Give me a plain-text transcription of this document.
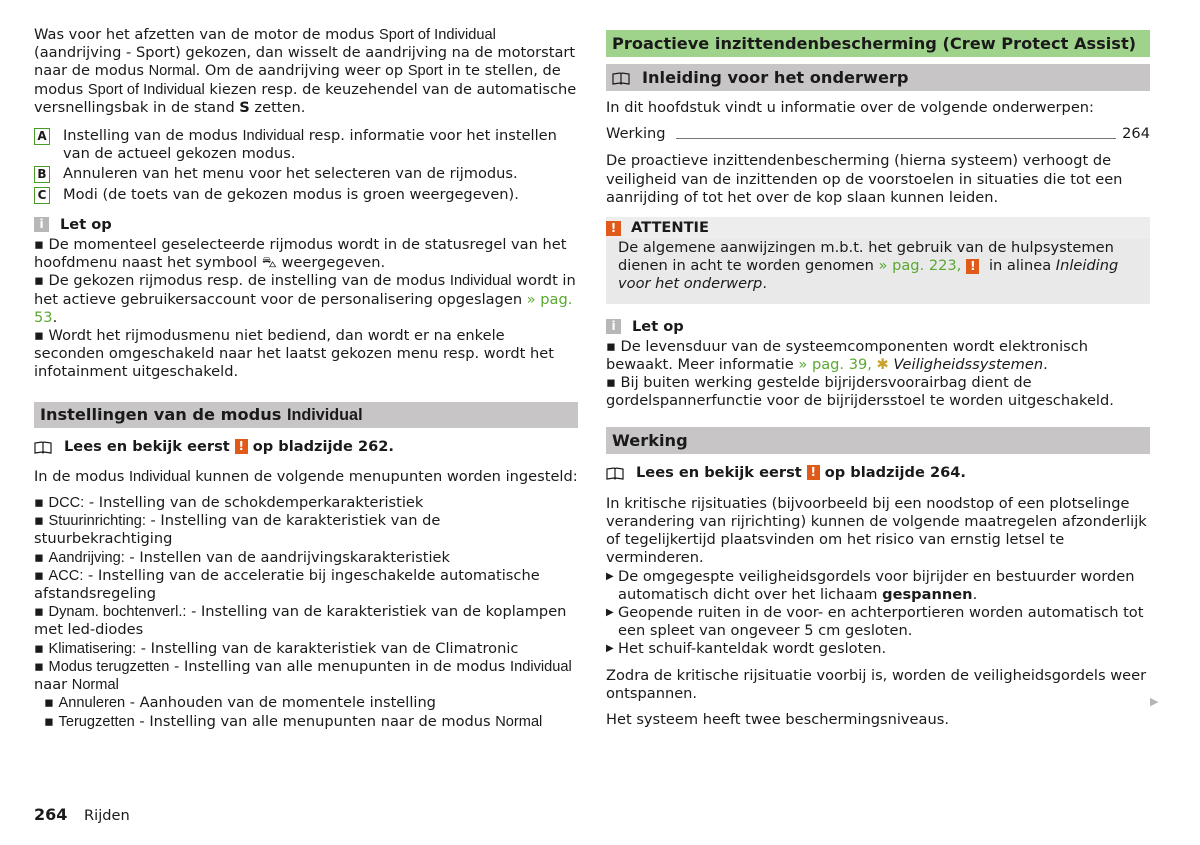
Was voor het afzetten van de motor de modus Sport of Individual (aandrijving - Sport) gekozen, dan wisselt de aandrijving na de motorstart naar de modus Normal. Om de aandrijving weer op Sport in te stellen, de modus Sport of Individual kiezen resp. de keuzehendel van de automatische versnellingsbak in de stand S zetten.

A Instelling van de modus Individual resp. informatie voor het instellen van de actueel gekozen modus.
B Annuleren van het menu voor het selecteren van de rijmodus.
C Modi (de toets van de gekozen modus is groen weergegeven).
i	Let op

▪ De momenteel geselecteerde rijmodus wordt in de statusregel van het hoofdmenu naast het symbool ⛍ weergegeven.

▪ De gekozen rijmodus resp. de instelling van de modus Individual wordt in het actieve gebruikersaccount voor de personalisering opgeslagen » pag. 53.

▪ Wordt het rijmodusmenu niet bediend, dan wordt er na enkele seconden omgeschakeld naar het laatst gekozen menu resp. wordt het infotainment uitgeschakeld.

Instellingen van de modus Individual
Lees en bekijk eerst ! op bladzijde 262.

In de modus Individual kunnen de volgende menupunten worden ingesteld:

▪ DCC: - Instelling van de schokdemperkarakteristiek

▪ Stuurinrichting: - Instelling van de karakteristiek van de stuurbekrachtiging

▪ Aandrijving: - Instellen van de aandrijvingskarakteristiek

▪ ACC: - Instelling van de acceleratie bij ingeschakelde automatische afstandsregeling

▪ Dynam. bochtenverl.: - Instelling van de karakteristiek van de koplampen met led-diodes

▪ Klimatisering: - Instelling van de karakteristiek van de Climatronic

▪ Modus terugzetten - Instelling van alle menupunten in de modus Individual naar Normal

▪ Annuleren - Aanhouden van de momentele instelling

▪ Terugzetten - Instelling van alle menupunten naar de modus Normal

Proactieve inzittendenbescherming (Crew Protect Assist)
Inleiding voor het onderwerp

In dit hoofdstuk vindt u informatie over de volgende onderwerpen:

Werking	264

De proactieve inzittendenbescherming (hierna systeem) verhoogt de veiligheid van de inzittenden op de voorstoelen in situaties die tot een aanrijding of tot het over de kop slaan kunnen leiden.

!	ATTENTIE

De algemene aanwijzingen m.b.t. het gebruik van de hulpsystemen dienen in acht te worden genomen » pag. 223, ! in alinea Inleiding voor het onderwerp.

i	Let op

▪ De levensduur van de systeemcomponenten wordt elektronisch bewaakt. Meer informatie » pag. 39, ✱ Veiligheidssystemen.

▪ Bij buiten werking gestelde bijrijdersvoorairbag dient de gordelspannerfunctie voor de bijrijdersstoel te worden uitgeschakeld.

Werking
Lees en bekijk eerst ! op bladzijde 264.

In kritische rijsituaties (bijvoorbeeld bij een noodstop of een plotselinge verandering van rijrichting) kunnen de volgende maatregelen afzonderlijk of tegelijkertijd plaatsvinden om het risico van ernstig letsel te verminderen.

▶ De omgegespte veiligheidsgordels voor bijrijder en bestuurder worden automatisch dicht over het lichaam gespannen.
▶ Geopende ruiten in de voor- en achterportieren worden automatisch tot een spleet van ongeveer 5 cm gesloten.
▶ Het schuif-kanteldak wordt gesloten.

Zodra de kritische rijsituatie voorbij is, worden de veiligheidsgordels weer ontspannen.

Het systeem heeft twee beschermingsniveaus.

▶
264 Rijden
